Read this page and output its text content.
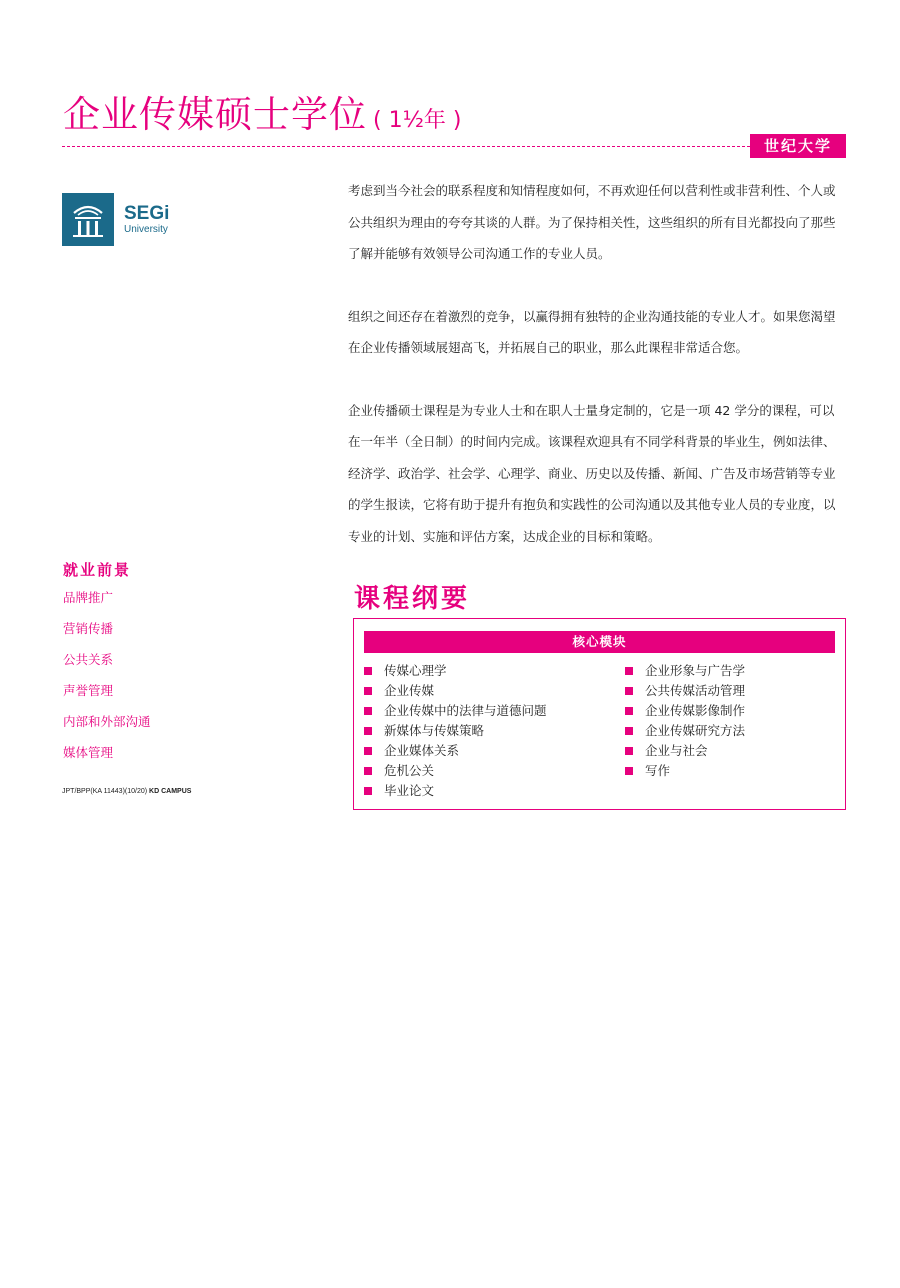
企业传媒硕士学位 ( 1½年 )
世纪大学
SEGi
University

考虑到当今社会的联系程度和知情程度如何，不再欢迎任何以营利性或非营利性、个人或公共组织为理由的夸夸其谈的人群。为了保持相关性，这些组织的所有目光都投向了那些了解并能够有效领导公司沟通工作的专业人员。

组织之间还存在着激烈的竞争，以赢得拥有独特的企业沟通技能的专业人才。如果您渴望在企业传播领域展翅高飞，并拓展自己的职业，那么此课程非常适合您。

企业传播硕士课程是为专业人士和在职人士量身定制的，它是一项 42 学分的课程，可以在一年半（全日制）的时间内完成。该课程欢迎具有不同学科背景的毕业生，例如法律、经济学、政治学、社会学、心理学、商业、历史以及传播、新闻、广告及市场营销等专业的学生报读，它将有助于提升有抱负和实践性的公司沟通以及其他专业人员的专业度，以专业的计划、实施和评估方案，达成企业的目标和策略。

就业前景
品牌推广
营销传播
公共关系
声誉管理
内部和外部沟通
媒体管理
JPT/BPP(KA 11443)(10/20) KD CAMPUS
课程纲要
核心模块
传媒心理学
企业传媒
企业传媒中的法律与道德问题
新媒体与传媒策略
企业媒体关系
危机公关
毕业论文
企业形象与广告学
公共传媒活动管理
企业传媒影像制作
企业传媒研究方法
企业与社会
写作
